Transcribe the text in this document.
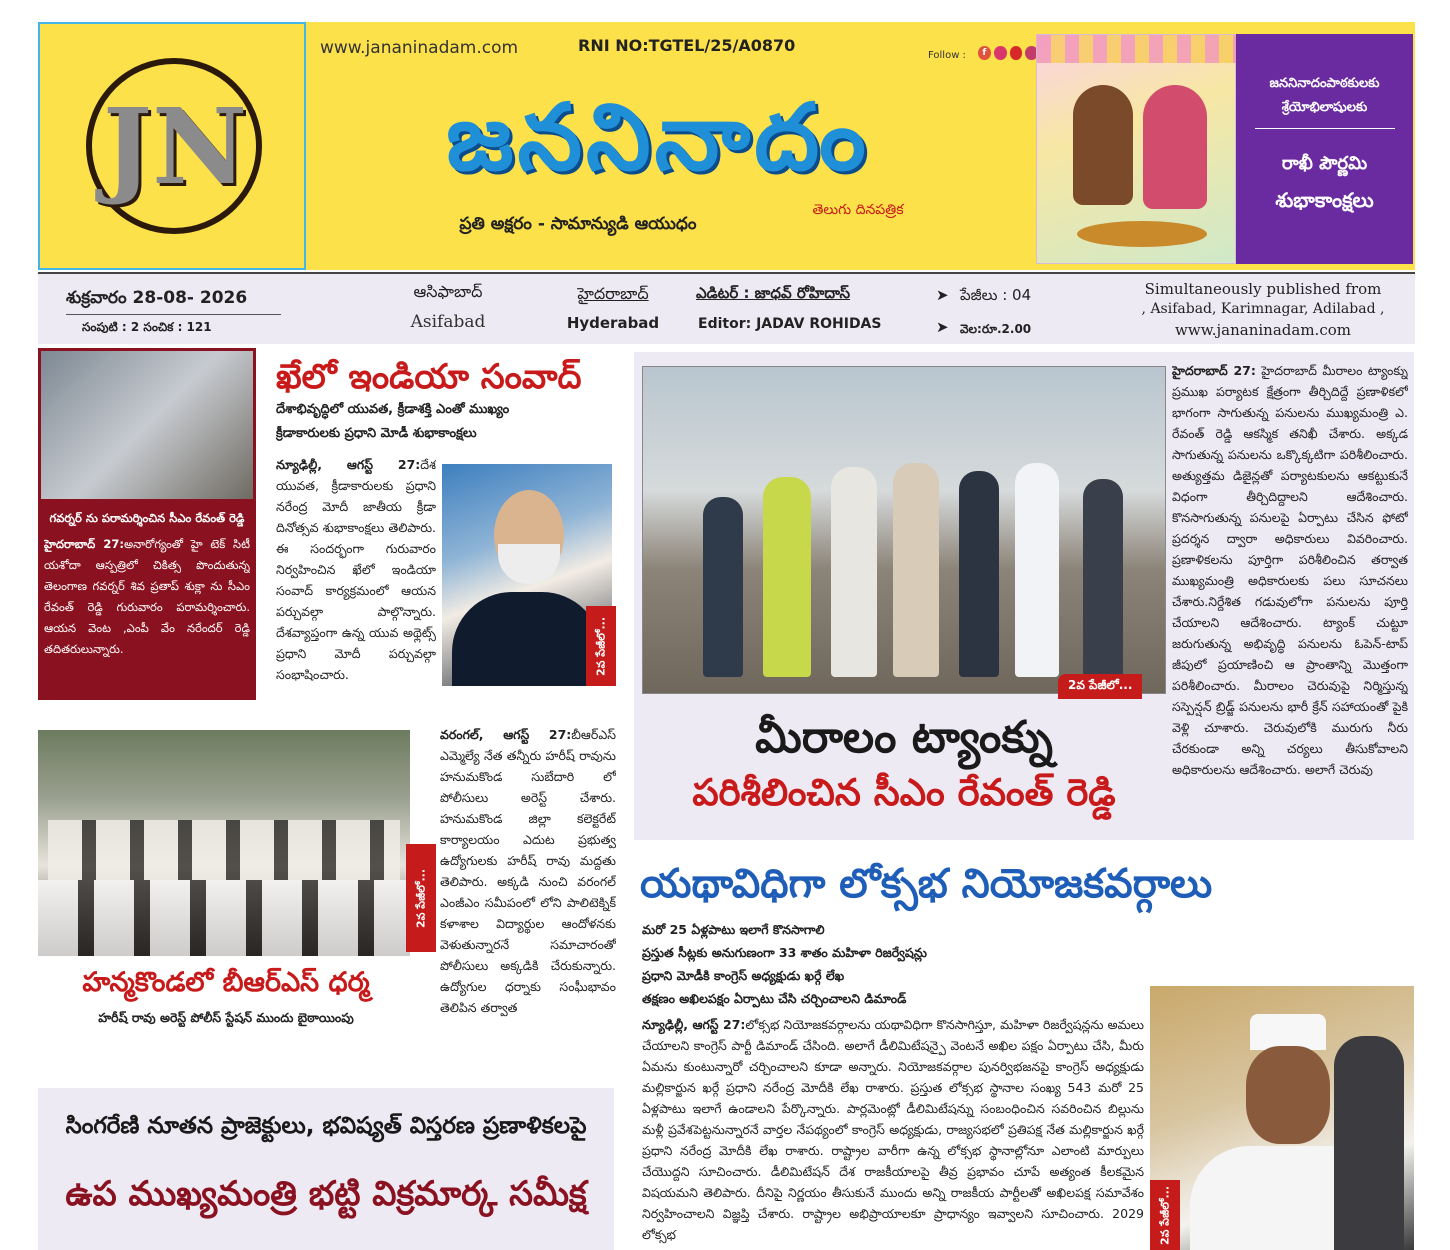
JN
www.jananinadam.com	RNI NO:TGTEL/25/A0870
Follow :	f
జననినాదం
తెలుగు దినపత్రిక
ప్రతి అక్షరం - సామాన్యుడి ఆయుధం
జననినాదంపాఠకులకు
శ్రేయోభిలాషులకు
రాఖీ పౌర్ణమి
శుభాకాంక్షలు
శుక్రవారం 28-08- 2026
సంపుటి : 2 సంచిక : 121
ఆసిఫాబాద్
Asifabad
హైదరాబాద్
Hyderabad
ఎడిటర్ : జాధవ్ రోహిదాస్
Editor: JADAV ROHIDAS
➤ పేజీలు : 04
➤ వెల:రూ.2.00
Simultaneously published from
, Asifabad, Karimnagar, Adilabad ,
www.jananinadam.com
గవర్నర్ ను పరామర్శించిన సీఎం రేవంత్ రెడ్డి
హైదరాబాద్ 27:అనారోగ్యంతో హై టెక్ సిటీ యశోదా ఆస్పత్రిలో చికిత్స పొందుతున్న తెలంగాణ గవర్నర్ శివ ప్రతాప్ శుక్లా ను సీఎం రేవంత్ రెడ్డి గురువారం పరామర్శించారు. ఆయన వెంట ,ఎంపీ వేం నరేందర్ రెడ్డి తదితరులున్నారు.
ఖేలో ఇండియా సంవాద్
దేశాభివృద్ధిలో యువత, క్రీడాశక్తి ఎంతో ముఖ్యం
క్రీడాకారులకు ప్రధాని మోడీ శుభాకాంక్షలు
న్యూఢిల్లీ, ఆగస్ట్ 27:దేశ యువత, క్రీడాకారులకు ప్రధాని నరేంద్ర మోదీ జాతీయ క్రీడా దినోత్సవ శుభాకాంక్షలు తెలిపారు. ఈ సందర్భంగా గురువారం నిర్వహించిన ఖేలో ఇండియా సంవాద్ కార్యక్రమంలో ఆయన పర్చువల్గా పాల్గొన్నారు. దేశవ్యాప్తంగా ఉన్న యువ అథ్లెట్స్ ప్రధాని మోదీ పర్చువల్గా సంభాషించారు.	2వ పేజీలో...
2వ పేజీలో...
మీరాలం ట్యాంక్ను
పరిశీలించిన సీఎం రేవంత్ రెడ్డి
హైదరాబాద్ 27: హైదరాబాద్ మీరాలం ట్యాంక్ను ప్రముఖ పర్యాటక క్షేత్రంగా తీర్చిదిద్దే ప్రణాళికలో భాగంగా సాగుతున్న పనులను ముఖ్యమంత్రి ఎ. రేవంత్ రెడ్డి ఆకస్మిక తనిఖీ చేశారు. అక్కడ సాగుతున్న పనులను ఒక్కొక్కటిగా పరిశీలించారు. అత్యుత్తమ డిజైన్లతో పర్యాటకులను ఆకట్టుకునే విధంగా తీర్చిదిద్దాలని ఆదేశించారు. కొనసాగుతున్న పనులపై ఏర్పాటు చేసిన ఫోటో ప్రదర్శన ద్వారా అధికారులు వివరించారు. ప్రణాళికలను పూర్తిగా పరిశీలించిన తర్వాత ముఖ్యమంత్రి అధికారులకు పలు సూచనలు చేశారు.నిర్దేశిత గడువులోగా పనులను పూర్తి చేయాలని ఆదేశించారు. ట్యాంక్ చుట్టూ జరుగుతున్న అభివృద్ధి పనులను ఓపెన్-టాప్ జీపులో ప్రయాణించి ఆ ప్రాంతాన్ని మొత్తంగా పరిశీలించారు. మీరాలం చెరువుపై నిర్మిస్తున్న సస్పెన్షన్ బ్రిడ్జ్ పనులను భారీ క్రేన్ సహాయంతో పైకి వెళ్లి చూశారు. చెరువులోకి మురుగు నీరు చేరకుండా అన్ని చర్యలు తీసుకోవాలని అధికారులను ఆదేశించారు. అలాగే చెరువు
2వ పేజీలో...
హన్మకొండలో బీఆర్ఎస్ ధర్మ
హరీష్ రావు అరెస్ట్ పోలీస్ స్టేషన్ ముందు బైఠాయింపు
వరంగల్, ఆగస్ట్ 27:బీఆర్ఎస్ ఎమ్మెల్యే నేత తన్నీరు హరీష్ రావును హనుమకొండ సుబేదారి లో పోలీసులు అరెస్ట్ చేశారు. హనుమకొండ జిల్లా కలెక్టరేట్ కార్యాలయం ఎదుట ప్రభుత్వ ఉద్యోగులకు హరీష్ రావు మద్దతు తెలిపారు. అక్కడి నుంచి వరంగల్ ఎంజీఎం సమీపంలో లోని పాలిటెక్నిక్ కళాశాల విద్యార్థుల ఆందోళనకు వెళుతున్నారనే సమాచారంతో పోలీసులు అక్కడికి చేరుకున్నారు. ఉద్యోగుల ధర్నాకు సంఘీభావం తెలిపిన తర్వాత
యథావిధిగా లోక్సభ నియోజకవర్గాలు
మరో 25 ఏళ్లపాటు ఇలాగే కొనసాగాలి
ప్రస్తుత సీట్లకు అనుగుణంగా 33 శాతం మహిళా రిజర్వేషన్లు
ప్రధాని మోడీకి కాంగ్రెస్ అధ్యక్షుడు ఖర్గే లేఖ
తక్షణం అఖిలపక్షం ఏర్పాటు చేసి చర్చించాలని డిమాండ్
2వ పేజీలో...
న్యూఢిల్లీ, ఆగస్ట్ 27:లోక్సభ నియోజకవర్గాలను యథావిధిగా కొనసాగిస్తూ, మహిళా రిజర్వేషన్లను అమలు చేయాలని కాంగ్రెస్ పార్టీ డిమాండ్ చేసింది. అలాగే డీలిమిటేషన్పై వెంటనే అఖిల పక్షం ఏర్పాటు చేసి, మీరు ఏమను కుంటున్నారో చర్చించాలని కూడా అన్నారు. నియోజకవర్గాల పునర్విభజనపై కాంగ్రెస్ అధ్యక్షుడు మల్లికార్జున ఖర్గే ప్రధాని నరేంద్ర మోదీకి లేఖ రాశారు. ప్రస్తుత లోక్సభ స్థానాల సంఖ్య 543 మరో 25 ఏళ్లపాటు ఇలాగే ఉండాలని పేర్కొన్నారు. పార్లమెంట్లో డీలిమిటేషన్ను సంబంధించిన సవరించిన బిల్లును మళ్లీ ప్రవేశపెట్టనున్నారనే వార్తల నేపథ్యంలో కాంగ్రెస్ అధ్యక్షుడు, రాజ్యసభలో ప్రతిపక్ష నేత మల్లికార్జున ఖర్గే ప్రధాని నరేంద్ర మోదీకి లేఖ రాశారు. రాష్ట్రాల వారీగా ఉన్న లోక్సభ స్థానాల్లోనూ ఎలాంటి మార్పులు చేయొద్దని సూచించారు. డీలిమిటేషన్ దేశ రాజకీయాలపై తీవ్ర ప్రభావం చూపే అత్యంత కీలకమైన విషయమని తెలిపారు. దీనిపై నిర్ణయం తీసుకునే ముందు అన్ని రాజకీయ పార్టీలతో అఖిలపక్ష సమావేశం నిర్వహించాలని విజ్ఞప్తి చేశారు. రాష్ట్రాల అభిప్రాయాలకూ ప్రాధాన్యం ఇవ్వాలని సూచించారు. 2029 లోక్సభ
సింగరేణి నూతన ప్రాజెక్టులు, భవిష్యత్ విస్తరణ ప్రణాళికలపై
ఉప ముఖ్యమంత్రి భట్టి విక్రమార్క సమీక్ష
